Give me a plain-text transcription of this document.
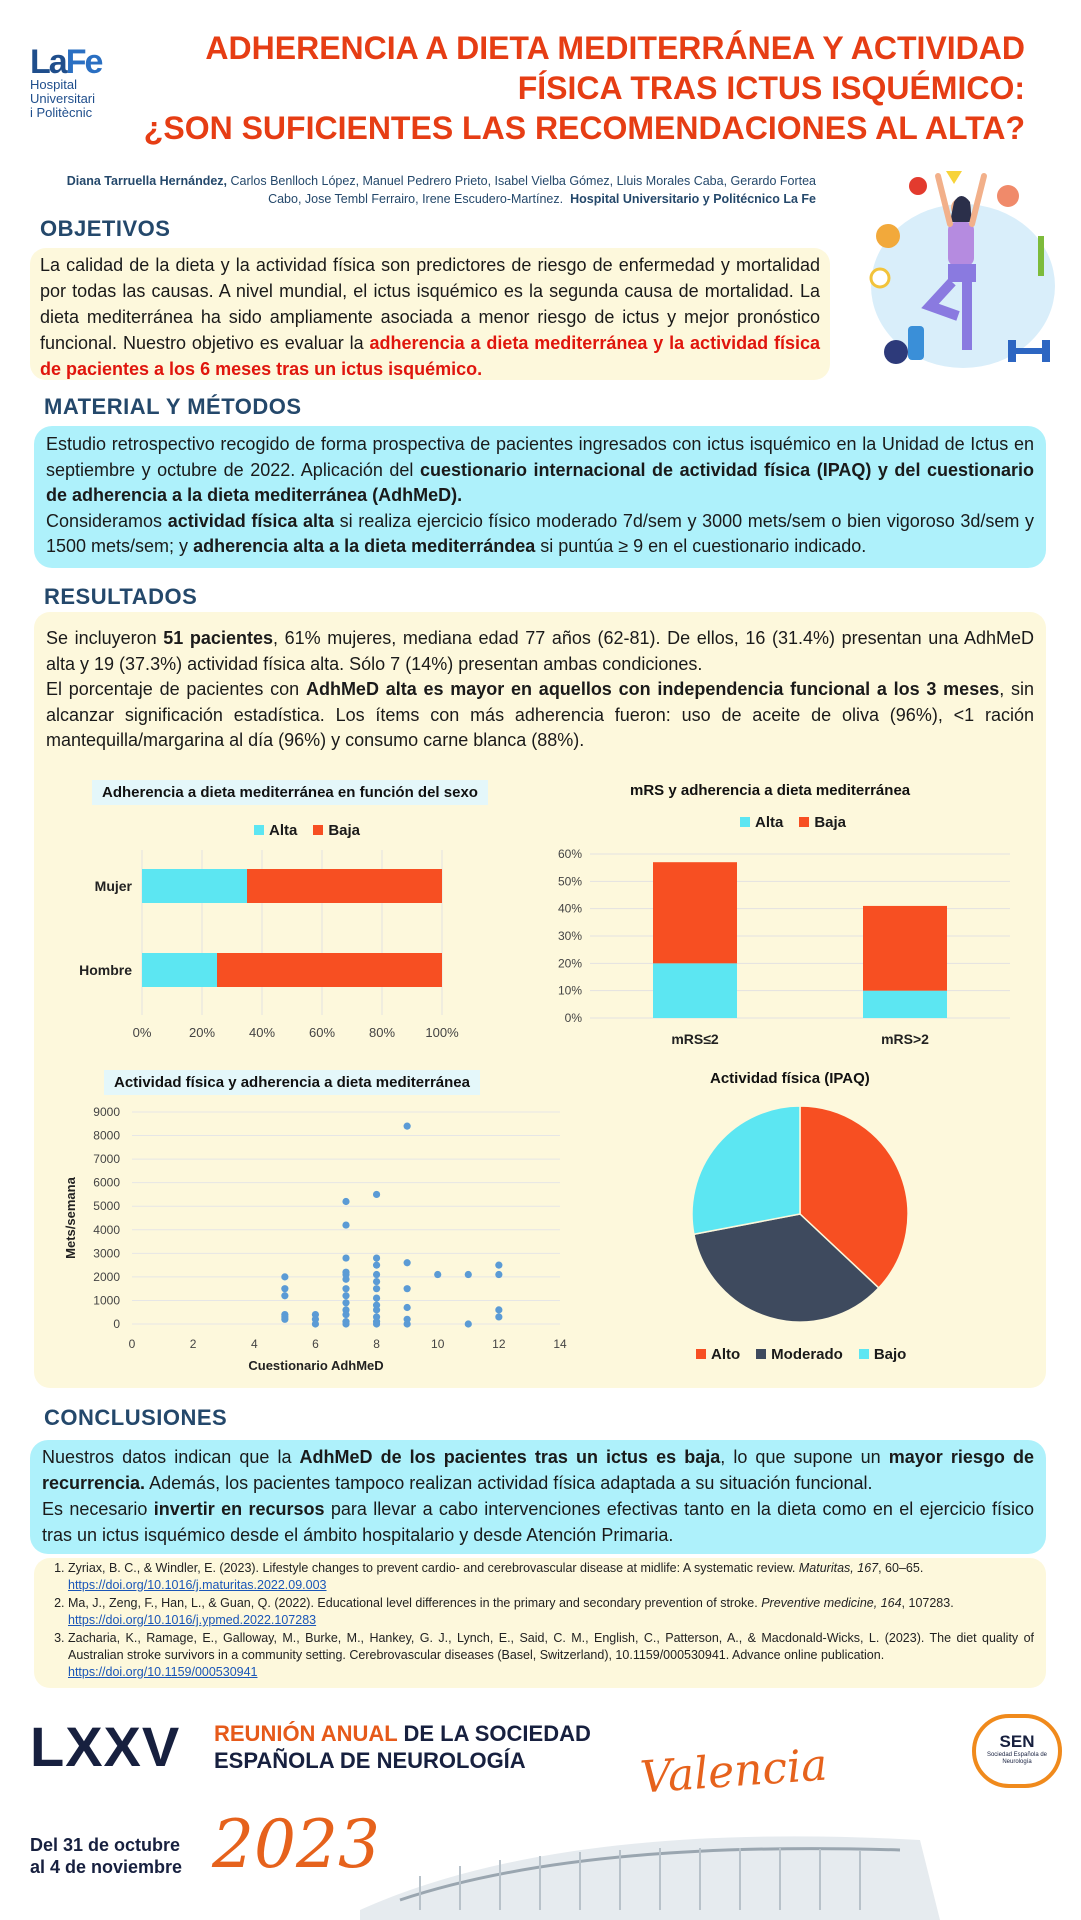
LaFe
Hospital
Universitari
i Politècnic
ADHERENCIA A DIETA MEDITERRÁNEA Y ACTIVIDAD
FÍSICA TRAS ICTUS ISQUÉMICO:
¿SON SUFICIENTES LAS RECOMENDACIONES AL ALTA?
Diana Tarruella Hernández, Carlos Benlloch López, Manuel Pedrero Prieto, Isabel Vielba Gómez, Lluis Morales Caba, Gerardo Fortea Cabo, Jose Tembl Ferrairo, Irene Escudero-Martínez. Hospital Universitario y Politécnico La Fe
OBJETIVOS
La calidad de la dieta y la actividad física son predictores de riesgo de enfermedad y mortalidad por todas las causas. A nivel mundial, el ictus isquémico es la segunda causa de mortalidad. La dieta mediterránea ha sido ampliamente asociada a menor riesgo de ictus y mejor pronóstico funcional. Nuestro objetivo es evaluar la adherencia a dieta mediterránea y la actividad física de pacientes a los 6 meses tras un ictus isquémico.
MATERIAL Y MÉTODOS
Estudio retrospectivo recogido de forma prospectiva de pacientes ingresados con ictus isquémico en la Unidad de Ictus en septiembre y octubre de 2022. Aplicación del cuestionario internacional de actividad física (IPAQ) y del cuestionario de adherencia a la dieta mediterránea (AdhMeD).
Consideramos actividad física alta si realiza ejercicio físico moderado 7d/sem y 3000 mets/sem o bien vigoroso 3d/sem y 1500 mets/sem; y adherencia alta a la dieta mediterrándea si puntúa ≥ 9 en el cuestionario indicado.
RESULTADOS
Se incluyeron 51 pacientes, 61% mujeres, mediana edad 77 años (62-81). De ellos, 16 (31.4%) presentan una AdhMeD alta y 19 (37.3%) actividad física alta. Sólo 7 (14%) presentan ambas condiciones.
El porcentaje de pacientes con AdhMeD alta es mayor en aquellos con independencia funcional a los 3 meses, sin alcanzar significación estadística. Los ítems con más adherencia fueron: uso de aceite de oliva (96%), <1 ración mantequilla/margarina al día (96%) y consumo carne blanca (88%).
Adherencia a dieta mediterránea en función del sexo
Alta	Baja
0%	20%	40%	60%	80% 100%
Mujer
Hombre
mRS y adherencia a dieta mediterránea
Alta	Baja
0%
10%
20%
30%
40%
50%
60%
mRS≤2	mRS>2
Actividad física y adherencia a dieta mediterránea
0
1000
2000
3000
4000
5000
6000
7000
8000
9000
0	2	4	6	8	10	12	14
Cuestionario AdhMeD
Mets/semana
Actividad física (IPAQ)
Alto	Moderado	Bajo
CONCLUSIONES
Nuestros datos indican que la AdhMeD de los pacientes tras un ictus es baja, lo que supone un mayor riesgo de recurrencia. Además, los pacientes tampoco realizan actividad física adaptada a su situación funcional.
Es necesario invertir en recursos para llevar a cabo intervenciones efectivas tanto en la dieta como en el ejercicio físico tras un ictus isquémico desde el ámbito hospitalario y desde Atención Primaria.
1. Zyriax, B. C., & Windler, E. (2023). Lifestyle changes to prevent cardio- and cerebrovascular disease at midlife: A systematic review. Maturitas, 167, 60–65.
https://doi.org/10.1016/j.maturitas.2022.09.003
2. Ma, J., Zeng, F., Han, L., & Guan, Q. (2022). Educational level differences in the primary and secondary prevention of stroke. Preventive medicine, 164, 107283.
https://doi.org/10.1016/j.ypmed.2022.107283
3. Zacharia, K., Ramage, E., Galloway, M., Burke, M., Hankey, G. J., Lynch, E., Said, C. M., English, C., Patterson, A., & Macdonald-Wicks, L. (2023). The diet quality of Australian stroke survivors in a community setting. Cerebrovascular diseases (Basel, Switzerland), 10.1159/000530941. Advance online publication.
https://doi.org/10.1159/000530941
LXXV REUNIÓN ANUAL DE LA SOCIEDAD
ESPAÑOLA DE NEUROLOGÍA	Valencia
Del 31 de octubre
al 4 de noviembre 2023
SEN
Sociedad Española de Neurología
